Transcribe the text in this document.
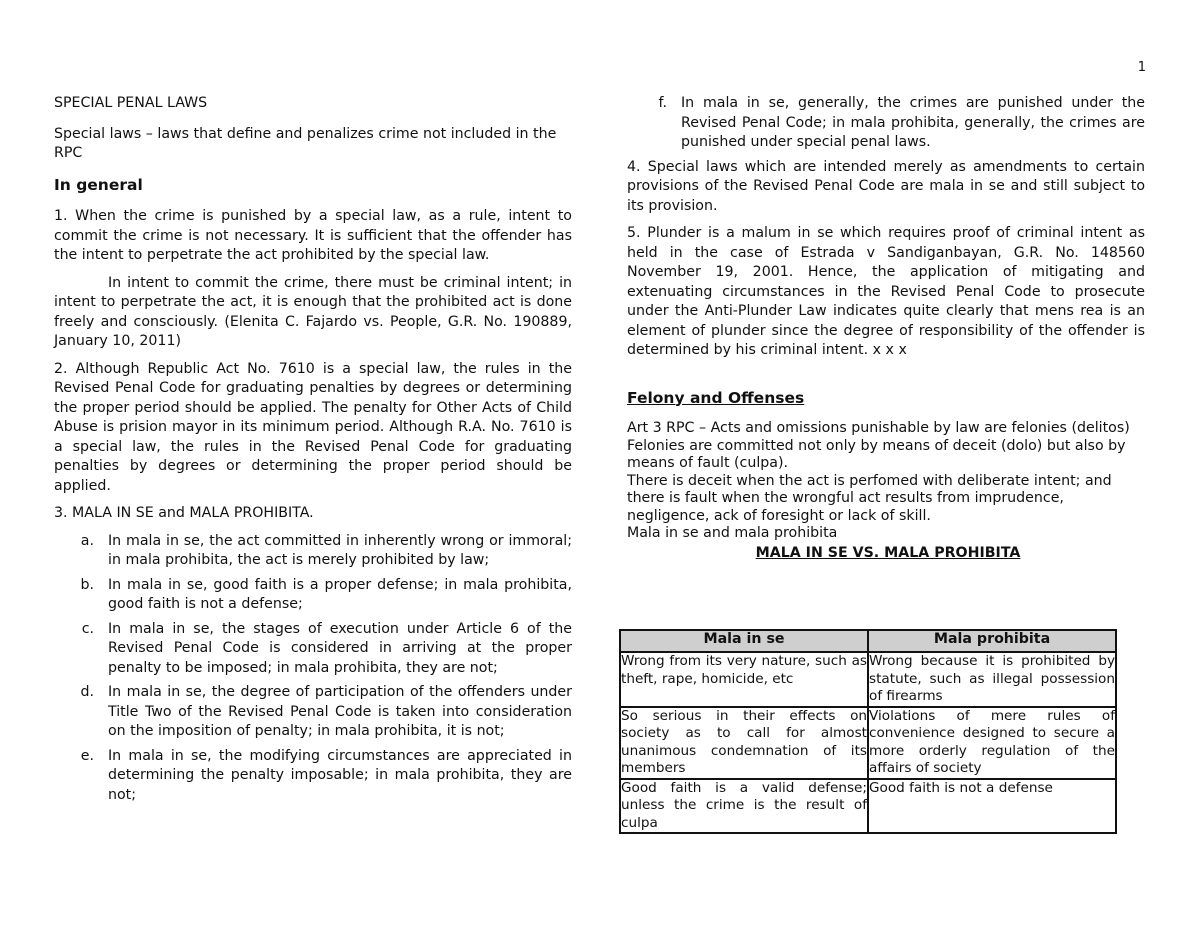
1

SPECIAL PENAL LAWS

Special laws – laws that define and penalizes crime not included in the RPC

In general

1. When the crime is punished by a special law, as a rule, intent to commit the crime is not necessary. It is sufficient that the offender has the intent to perpetrate the act prohibited by the special law.

In intent to commit the crime, there must be criminal intent; in intent to perpetrate the act, it is enough that the prohibited act is done freely and consciously. (Elenita C. Fajardo vs. People, G.R. No. 190889, January 10, 2011)

2. Although Republic Act No. 7610 is a special law, the rules in the Revised Penal Code for graduating penalties by degrees or determining the proper period should be applied. The penalty for Other Acts of Child Abuse is prision mayor in its minimum period. Although R.A. No. 7610 is a special law, the rules in the Revised Penal Code for graduating penalties by degrees or determining the proper period should be applied.

3. MALA IN SE and MALA PROHIBITA.

a. In mala in se, the act committed in inherently wrong or immoral; in mala prohibita, the act is merely prohibited by law;
b. In mala in se, good faith is a proper defense; in mala prohibita, good faith is not a defense;
c. In mala in se, the stages of execution under Article 6 of the Revised Penal Code is considered in arriving at the proper penalty to be imposed; in mala prohibita, they are not;
d. In mala in se, the degree of participation of the offenders under Title Two of the Revised Penal Code is taken into consideration on the imposition of penalty; in mala prohibita, it is not;
e. In mala in se, the modifying circumstances are appreciated in determining the penalty imposable; in mala prohibita, they are not;
f. In mala in se, generally, the crimes are punished under the Revised Penal Code; in mala prohibita, generally, the crimes are punished under special penal laws.

4. Special laws which are intended merely as amendments to certain provisions of the Revised Penal Code are mala in se and still subject to its provision.

5. Plunder is a malum in se which requires proof of criminal intent as held in the case of Estrada v Sandiganbayan, G.R. No. 148560 November 19, 2001. Hence, the application of mitigating and extenuating circumstances in the Revised Penal Code to prosecute under the Anti-Plunder Law indicates quite clearly that mens rea is an element of plunder since the degree of responsibility of the offender is determined by his criminal intent. x x x

Felony and Offenses

Art 3 RPC – Acts and omissions punishable by law are felonies (delitos)

Felonies are committed not only by means of deceit (dolo) but also by means of fault (culpa).

There is deceit when the act is perfomed with deliberate intent; and there is fault when the wrongful act results from imprudence, negligence, ack of foresight or lack of skill.

Mala in se and mala prohibita

MALA IN SE VS. MALA PROHIBITA

Mala in se	Mala prohibita
Wrong from its very nature, such as theft, rape, homicide, etc	Wrong because it is prohibited by statute, such as illegal possession of firearms
So serious in their effects on society as to call for almost unanimous condemnation of its members	Violations of mere rules of convenience designed to secure a more orderly regulation of the affairs of society
Good faith is a valid defense; unless the crime is the result of culpa	Good faith is not a defense
